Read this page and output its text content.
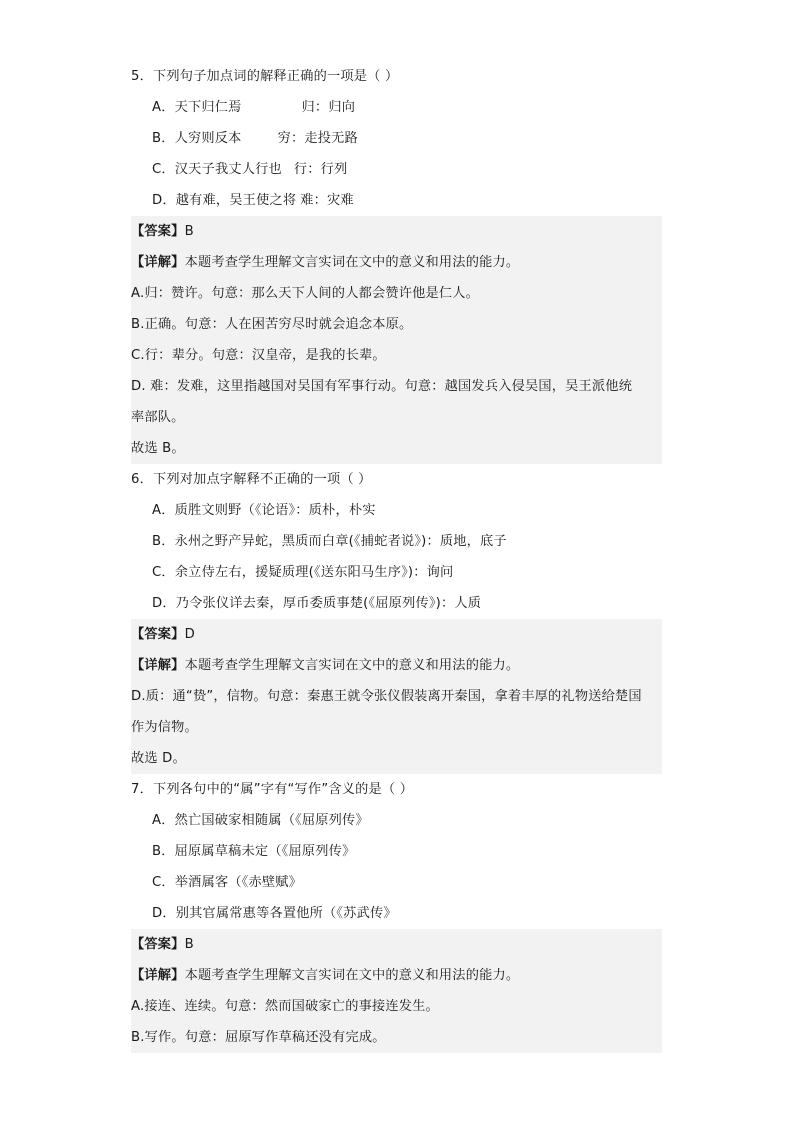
5．下列句子加点词的解释正确的一项是（ ）
A．天下归仁焉	归：归向
B．人穷则反本	穷：走投无路
C．汉天子我丈人行也 行：行列
D．越有难，吴王使之将 难：灾难
【答案】B
【详解】本题考查学生理解文言实词在文中的意义和用法的能力。
A.归：赞许。句意：那么天下人间的人都会赞许他是仁人。
B.正确。句意：人在困苦穷尽时就会追念本原。
C.行：辈分。句意：汉皇帝，是我的长辈。
D. 难：发难，这里指越国对吴国有军事行动。句意：越国发兵入侵吴国，吴王派他统
率部队。
故选 B。
6．下列对加点字解释不正确的一项（ ）
A．质胜文则野（《论语》：质朴，朴实
B．永州之野产异蛇，黑质而白章(《捕蛇者说》)：质地，底子
C．余立侍左右，援疑质理(《送东阳马生序》)：询问
D．乃令张仪详去秦，厚币委质事楚(《屈原列传》)：人质
【答案】D
【详解】本题考查学生理解文言实词在文中的意义和用法的能力。
D.质：通“贽”，信物。句意：秦惠王就令张仪假装离开秦国，拿着丰厚的礼物送给楚国
作为信物。
故选 D。
7．下列各句中的“属”字有“写作”含义的是（ ）
A．然亡国破家相随属（《屈原列传》
B．屈原属草稿未定（《屈原列传》
C．举酒属客（《赤壁赋》
D．别其官属常惠等各置他所（《苏武传》
【答案】B
【详解】本题考查学生理解文言实词在文中的意义和用法的能力。
A.接连、连续。句意：然而国破家亡的事接连发生。
B.写作。句意：屈原写作草稿还没有完成。
